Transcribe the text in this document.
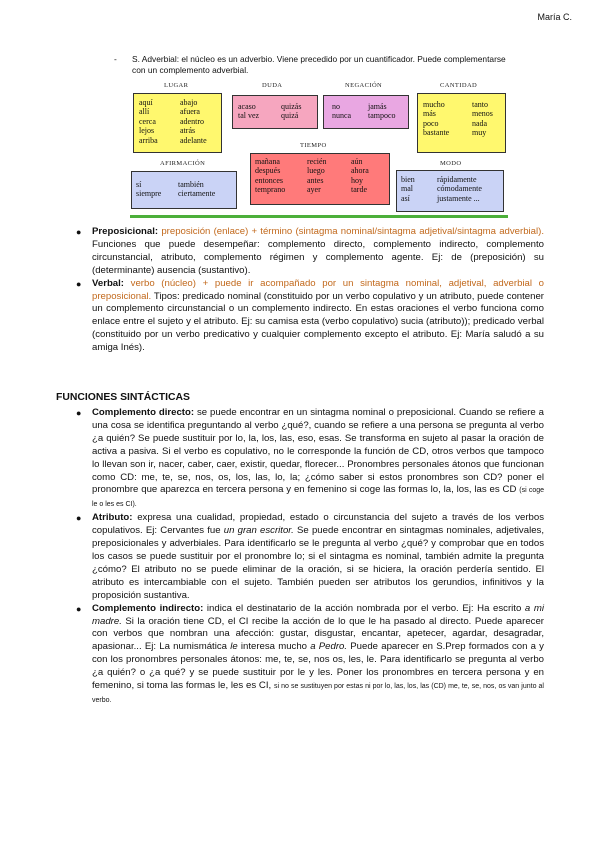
María C.
- S. Adverbial: el núcleo es un adverbio. Viene precedido por un cuantificador. Puede complementarse con un complemento adverbial.
LUGAR
aquí
allí
cerca
lejos
arriba
abajo
afuera
adentro
atrás
adelante
DUDA
acaso
tal vez
quizás
quizá
NEGACIÓN
no
nunca
jamás
tampoco
CANTIDAD
mucho
más
poco
bastante
tanto
menos
nada
muy
TIEMPO
mañana
después
entonces
temprano
recién
luego
antes
ayer
aún
ahora
hoy
tarde
AFIRMACIÓN
sí
siempre
también
ciertamente
MODO
bien
mal
así
rápidamente
cómodamente
justamente ...
● Preposicional: preposición (enlace) + término (sintagma nominal/sintagma adjetival/sintagma adverbial). Funciones que puede desempeñar: complemento directo, complemento indirecto, complemento circunstancial, atributo, complemento régimen y complemento agente. Ej: de (preposición) su (determinante) ausencia (sustantivo).
● Verbal: verbo (núcleo) + puede ir acompañado por un sintagma nominal, adjetival, adverbial o preposicional. Tipos: predicado nominal (constituido por un verbo copulativo y un atributo, puede contener un complemento circunstancial o un complemento indirecto. En estas oraciones el verbo funciona como enlace entre el sujeto y el atributo. Ej: su camisa esta (verbo copulativo) sucia (atributo)); predicado verbal (constituido por un verbo predicativo y cualquier complemento excepto el atributo. Ej: María saludó a su amiga Inés).
FUNCIONES SINTÁCTICAS
● Complemento directo: se puede encontrar en un sintagma nominal o preposicional. Cuando se refiere a una cosa se identifica preguntando al verbo ¿qué?, cuando se refiere a una persona se pregunta al verbo ¿a quién? Se puede sustituir por lo, la, los, las, eso, esas. Se transforma en sujeto al pasar la oración de activa a pasiva. Si el verbo es copulativo, no le corresponde la función de CD, otros verbos que tampoco lo llevan son ir, nacer, caber, caer, existir, quedar, florecer... Pronombres personales átonos que funcionan como CD: me, te, se, nos, os, los, las, lo, la; ¿cómo saber si estos pronombres son CD? poner el pronombre que aparezca en tercera persona y en femenino si coge las formas lo, la, los, las es CD (si coge le o les es CI).
● Atributo: expresa una cualidad, propiedad, estado o circunstancia del sujeto a través de los verbos copulativos. Ej: Cervantes fue un gran escritor. Se puede encontrar en sintagmas nominales, adjetivales, preposicionales y adverbiales. Para identificarlo se le pregunta al verbo ¿qué? y comprobar que en todos los casos se puede sustituir por el pronombre lo; si el sintagma es nominal, también admite la pregunta ¿cómo? El atributo no se puede eliminar de la oración, si se hiciera, la oración perdería sentido. El atributo es intercambiable con el sujeto. También pueden ser atributos los gerundios, infinitivos y la proposición sustantiva.
● Complemento indirecto: indica el destinatario de la acción nombrada por el verbo. Ej: Ha escrito a mi madre. Si la oración tiene CD, el CI recibe la acción de lo que le ha pasado al directo. Puede aparecer con verbos que nombran una afección: gustar, disgustar, encantar, apetecer, agardar, desagradar, apasionar... Ej: La numismática le interesa mucho a Pedro. Puede aparecer en S.Prep formados con a y con los pronombres personales átonos: me, te, se, nos os, les, le. Para identificarlo se pregunta al verbo ¿a quién? o ¿a qué? y se puede sustituir por le y les. Poner los pronombres en tercera persona y en femenino, si toma las formas le, les es CI, si no se sustituyen por estas ni por lo, las, los, las (CD) me, te, se, nos, os van junto al verbo.
